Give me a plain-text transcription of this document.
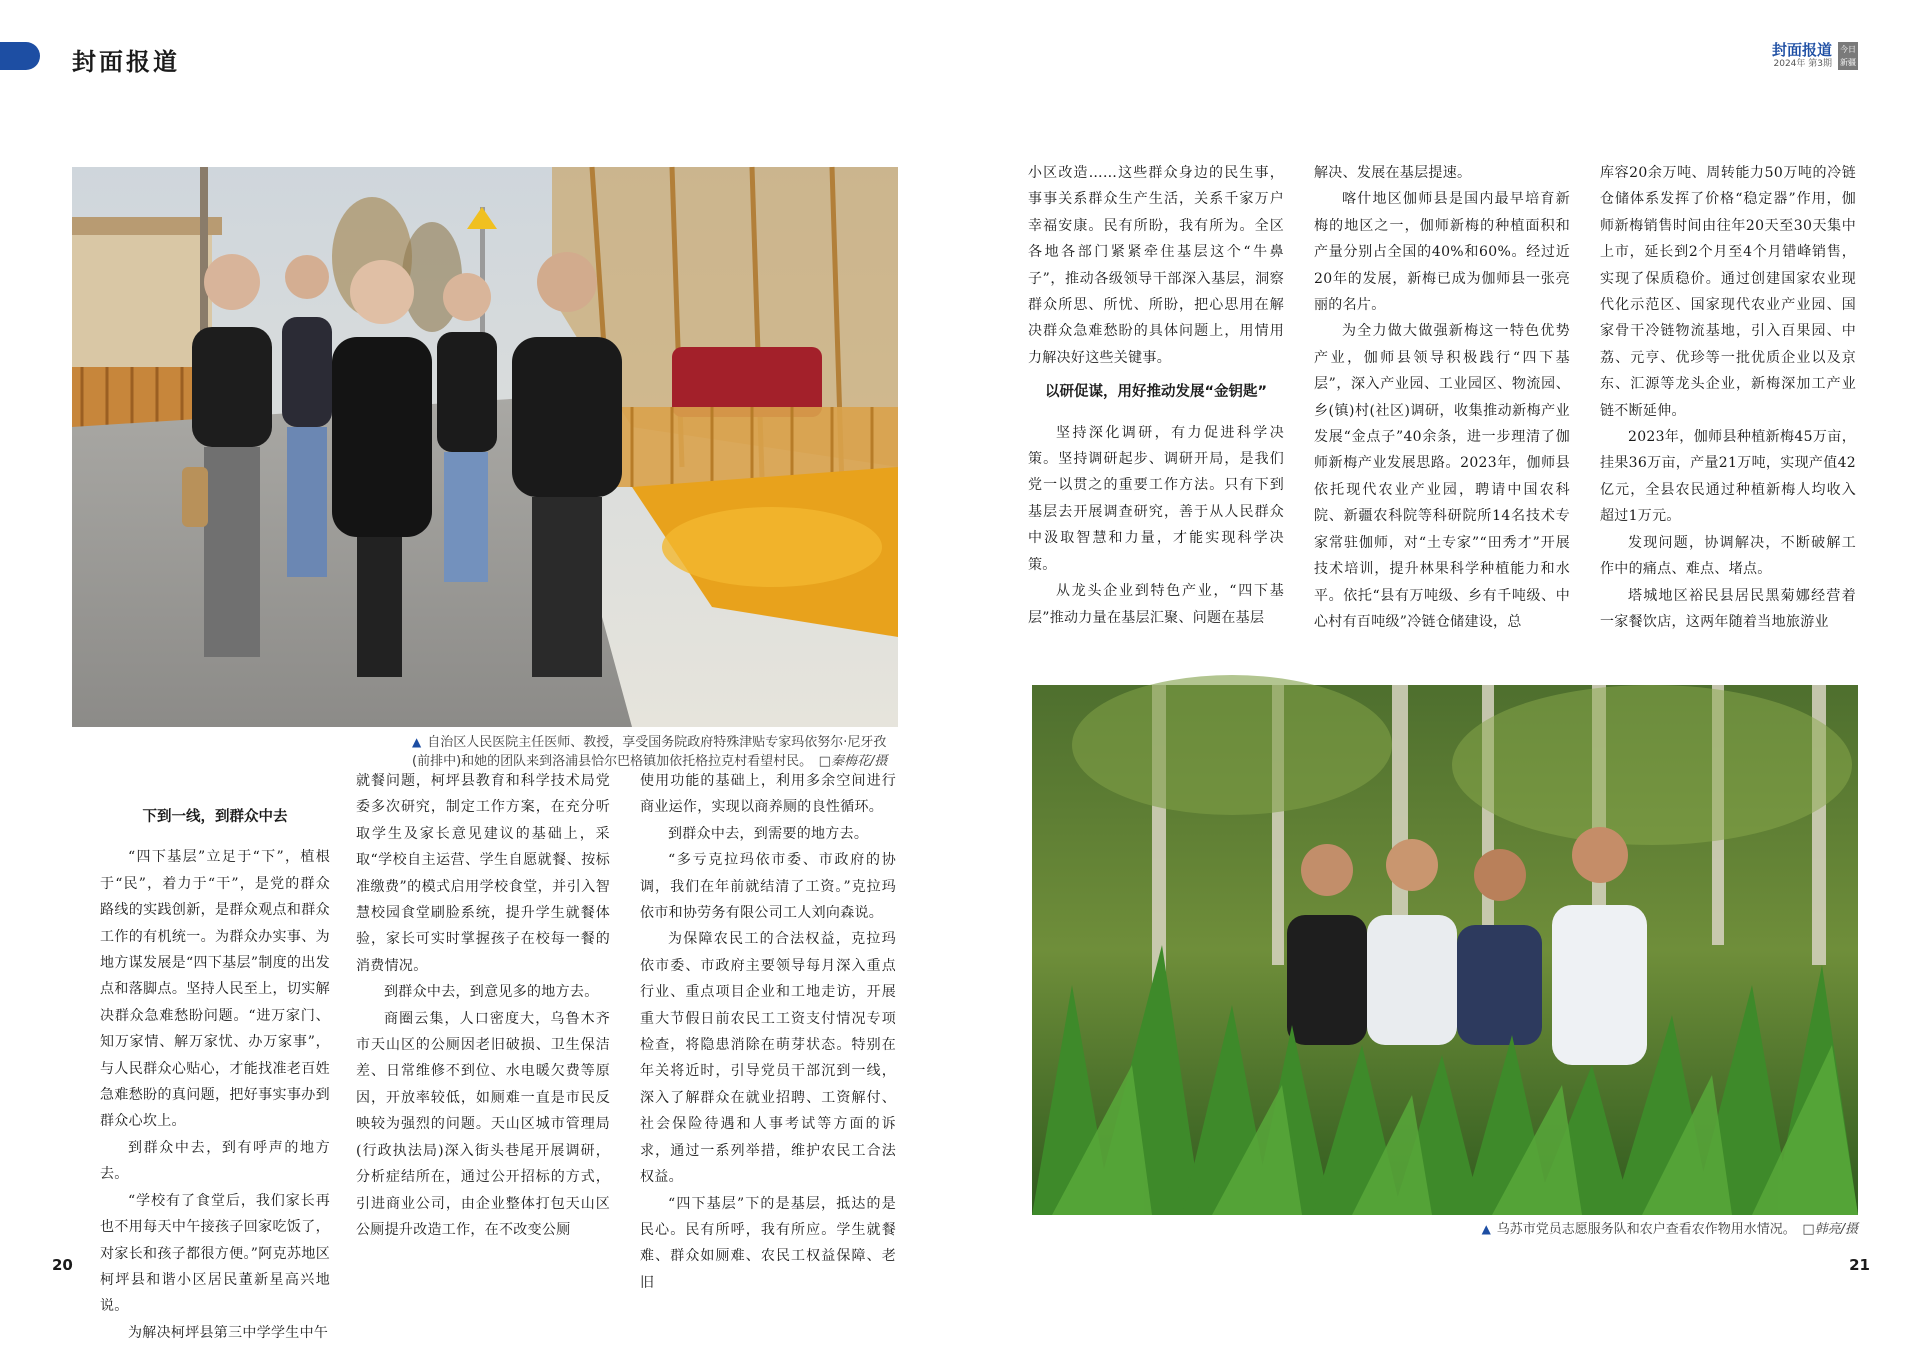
封面报道	封面报道
2024年 第3期
今日新疆
▲ 自治区人民医院主任医师、教授，享受国务院政府特殊津贴专家玛依努尔·尼牙孜(前排中)和她的团队来到洛浦县恰尔巴格镇加依托格拉克村看望村民。　 □秦梅花/摄
下到一线，到群众中去

“四下基层”立足于“下”，植根于“民”，着力于“干”，是党的群众路线的实践创新，是群众观点和群众工作的有机统一。为群众办实事、为地方谋发展是“四下基层”制度的出发点和落脚点。坚持人民至上，切实解决群众急难愁盼问题。“进万家门、知万家情、解万家忧、办万家事”，与人民群众心贴心，才能找准老百姓急难愁盼的真问题，把好事实事办到群众心坎上。

到群众中去，到有呼声的地方去。

“学校有了食堂后，我们家长再也不用每天中午接孩子回家吃饭了，对家长和孩子都很方便。”阿克苏地区柯坪县和谐小区居民董新星高兴地说。

为解决柯坪县第三中学学生中午

就餐问题，柯坪县教育和科学技术局党委多次研究，制定工作方案，在充分听取学生及家长意见建议的基础上，采取“学校自主运营、学生自愿就餐、按标准缴费”的模式启用学校食堂，并引入智慧校园食堂刷脸系统，提升学生就餐体验，家长可实时掌握孩子在校每一餐的消费情况。

到群众中去，到意见多的地方去。

商圈云集，人口密度大，乌鲁木齐市天山区的公厕因老旧破损、卫生保洁差、日常维修不到位、水电暖欠费等原因，开放率较低，如厕难一直是市民反映较为强烈的问题。天山区城市管理局(行政执法局)深入街头巷尾开展调研，分析症结所在，通过公开招标的方式，引进商业公司，由企业整体打包天山区公厕提升改造工作，在不改变公厕

使用功能的基础上，利用多余空间进行商业运作，实现以商养厕的良性循环。

到群众中去，到需要的地方去。

“多亏克拉玛依市委、市政府的协调，我们在年前就结清了工资。”克拉玛依市和协劳务有限公司工人刘向森说。

为保障农民工的合法权益，克拉玛依市委、市政府主要领导每月深入重点行业、重点项目企业和工地走访，开展重大节假日前农民工工资支付情况专项检查，将隐患消除在萌芽状态。特别在年关将近时，引导党员干部沉到一线，深入了解群众在就业招聘、工资解付、社会保险待遇和人事考试等方面的诉求，通过一系列举措，维护农民工合法权益。

“四下基层”下的是基层，抵达的是民心。民有所呼，我有所应。学生就餐难、群众如厕难、农民工权益保障、老旧

小区改造……这些群众身边的民生事，事事关系群众生产生活，关系千家万户幸福安康。民有所盼，我有所为。全区各地各部门紧紧牵住基层这个“牛鼻子”，推动各级领导干部深入基层，洞察群众所思、所忧、所盼，把心思用在解决群众急难愁盼的具体问题上，用情用力解决好这些关键事。

以研促谋，用好推动发展“金钥匙”

坚持深化调研，有力促进科学决策。坚持调研起步、调研开局，是我们党一以贯之的重要工作方法。只有下到基层去开展调查研究，善于从人民群众中汲取智慧和力量，才能实现科学决策。

从龙头企业到特色产业，“四下基层”推动力量在基层汇聚、问题在基层

解决、发展在基层提速。

喀什地区伽师县是国内最早培育新梅的地区之一，伽师新梅的种植面积和产量分别占全国的40%和60%。经过近20年的发展，新梅已成为伽师县一张亮丽的名片。

为全力做大做强新梅这一特色优势产业，伽师县领导积极践行“四下基层”，深入产业园、工业园区、物流园、乡(镇)村(社区)调研，收集推动新梅产业发展“金点子”40余条，进一步理清了伽师新梅产业发展思路。2023年，伽师县依托现代农业产业园，聘请中国农科院、新疆农科院等科研院所14名技术专家常驻伽师，对“土专家”“田秀才”开展技术培训，提升林果科学种植能力和水平。依托“县有万吨级、乡有千吨级、中心村有百吨级”冷链仓储建设，总

库容20余万吨、周转能力50万吨的冷链仓储体系发挥了价格“稳定器”作用，伽师新梅销售时间由往年20天至30天集中上市，延长到2个月至4个月错峰销售，实现了保质稳价。通过创建国家农业现代化示范区、国家现代农业产业园、国家骨干冷链物流基地，引入百果园、中荔、元亨、优珍等一批优质企业以及京东、汇源等龙头企业，新梅深加工产业链不断延伸。

2023年，伽师县种植新梅45万亩，挂果36万亩，产量21万吨，实现产值42亿元，全县农民通过种植新梅人均收入超过1万元。

发现问题，协调解决，不断破解工作中的痛点、难点、堵点。

塔城地区裕民县居民黑菊娜经营着一家餐饮店，这两年随着当地旅游业

▲ 乌苏市党员志愿服务队和农户查看农作物用水情况。　 □韩亮/摄
20	21
